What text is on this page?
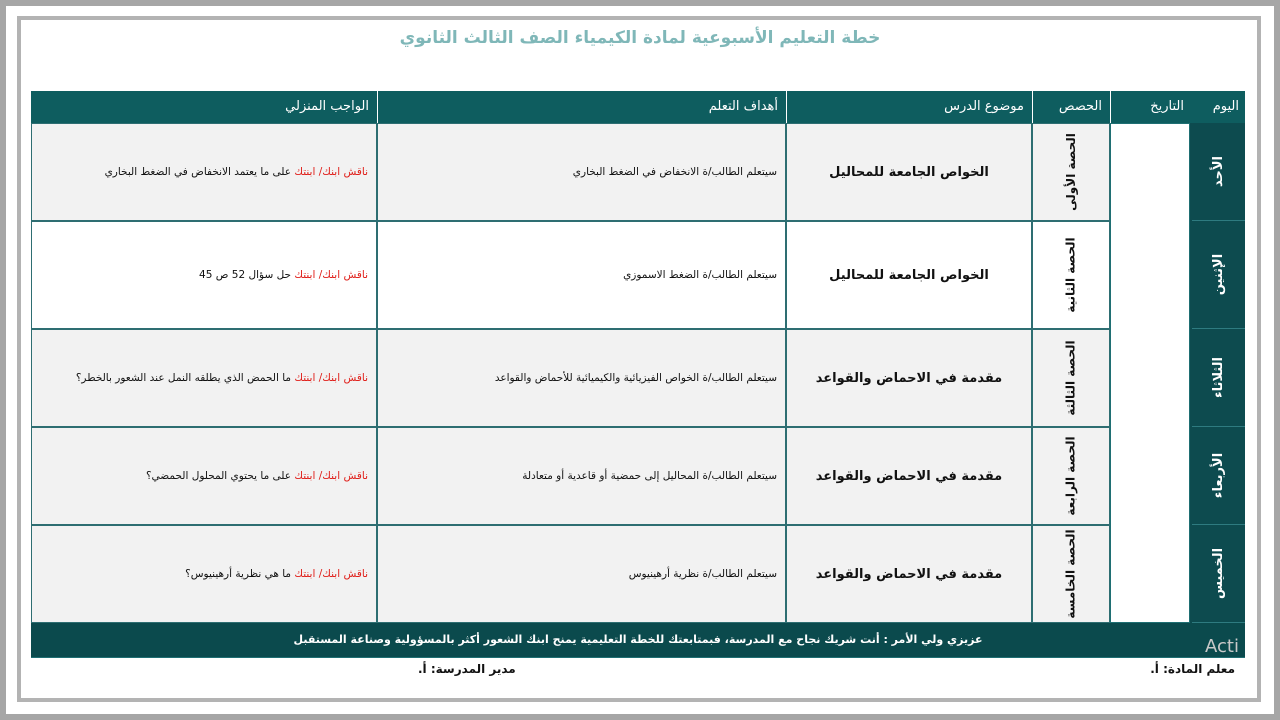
خطة التعليم الأسبوعية لمادة الكيمياء الصف الثالث الثانوي
اليوم
التاريخ
الحصص
موضوع الدرس
أهداف التعلم
الواجب المنزلي
الأحد
الحصة الأولى
الخواص الجامعة للمحاليل
سيتعلم الطالب/ة الانخفاض في الضغط البخاري
ناقش ابنك/ ابنتك على ما يعتمد الانخفاض في الضغط البخاري
الإثنين
الحصة الثانية
الخواص الجامعة للمحاليل
سيتعلم الطالب/ة الضغط الاسموزي
ناقش ابنك/ ابنتك حل سؤال 52 ص 45
الثلاثاء
الحصة الثالثة
مقدمة في الاحماض والقواعد
سيتعلم الطالب/ة الخواص الفيزيائية والكيميائية للأحماض والقواعد
ناقش ابنك/ ابنتك ما الحمض الذي يطلقه النمل عند الشعور بالخطر؟
الأربعاء
الحصة الرابعة
مقدمة في الاحماض والقواعد
سيتعلم الطالب/ة المحاليل إلى حمضية أو قاعدية أو متعادلة
ناقش ابنك/ ابنتك على ما يحتوي المحلول الحمضي؟
الخميس
الحصة الخامسة
مقدمة في الاحماض والقواعد
سيتعلم الطالب/ة نظرية أرهينيوس
ناقش ابنك/ ابنتك ما هي نظرية أرهينيوس؟
عزيزي ولي الأمر : أنت شريك نجاح مع المدرسة، فبمتابعتك للخطة التعليمية يمنح ابنك الشعور أكثر بالمسؤولية وصناعة المستقبل
معلم المادة: أ.
مدير المدرسة: أ.
Acti
